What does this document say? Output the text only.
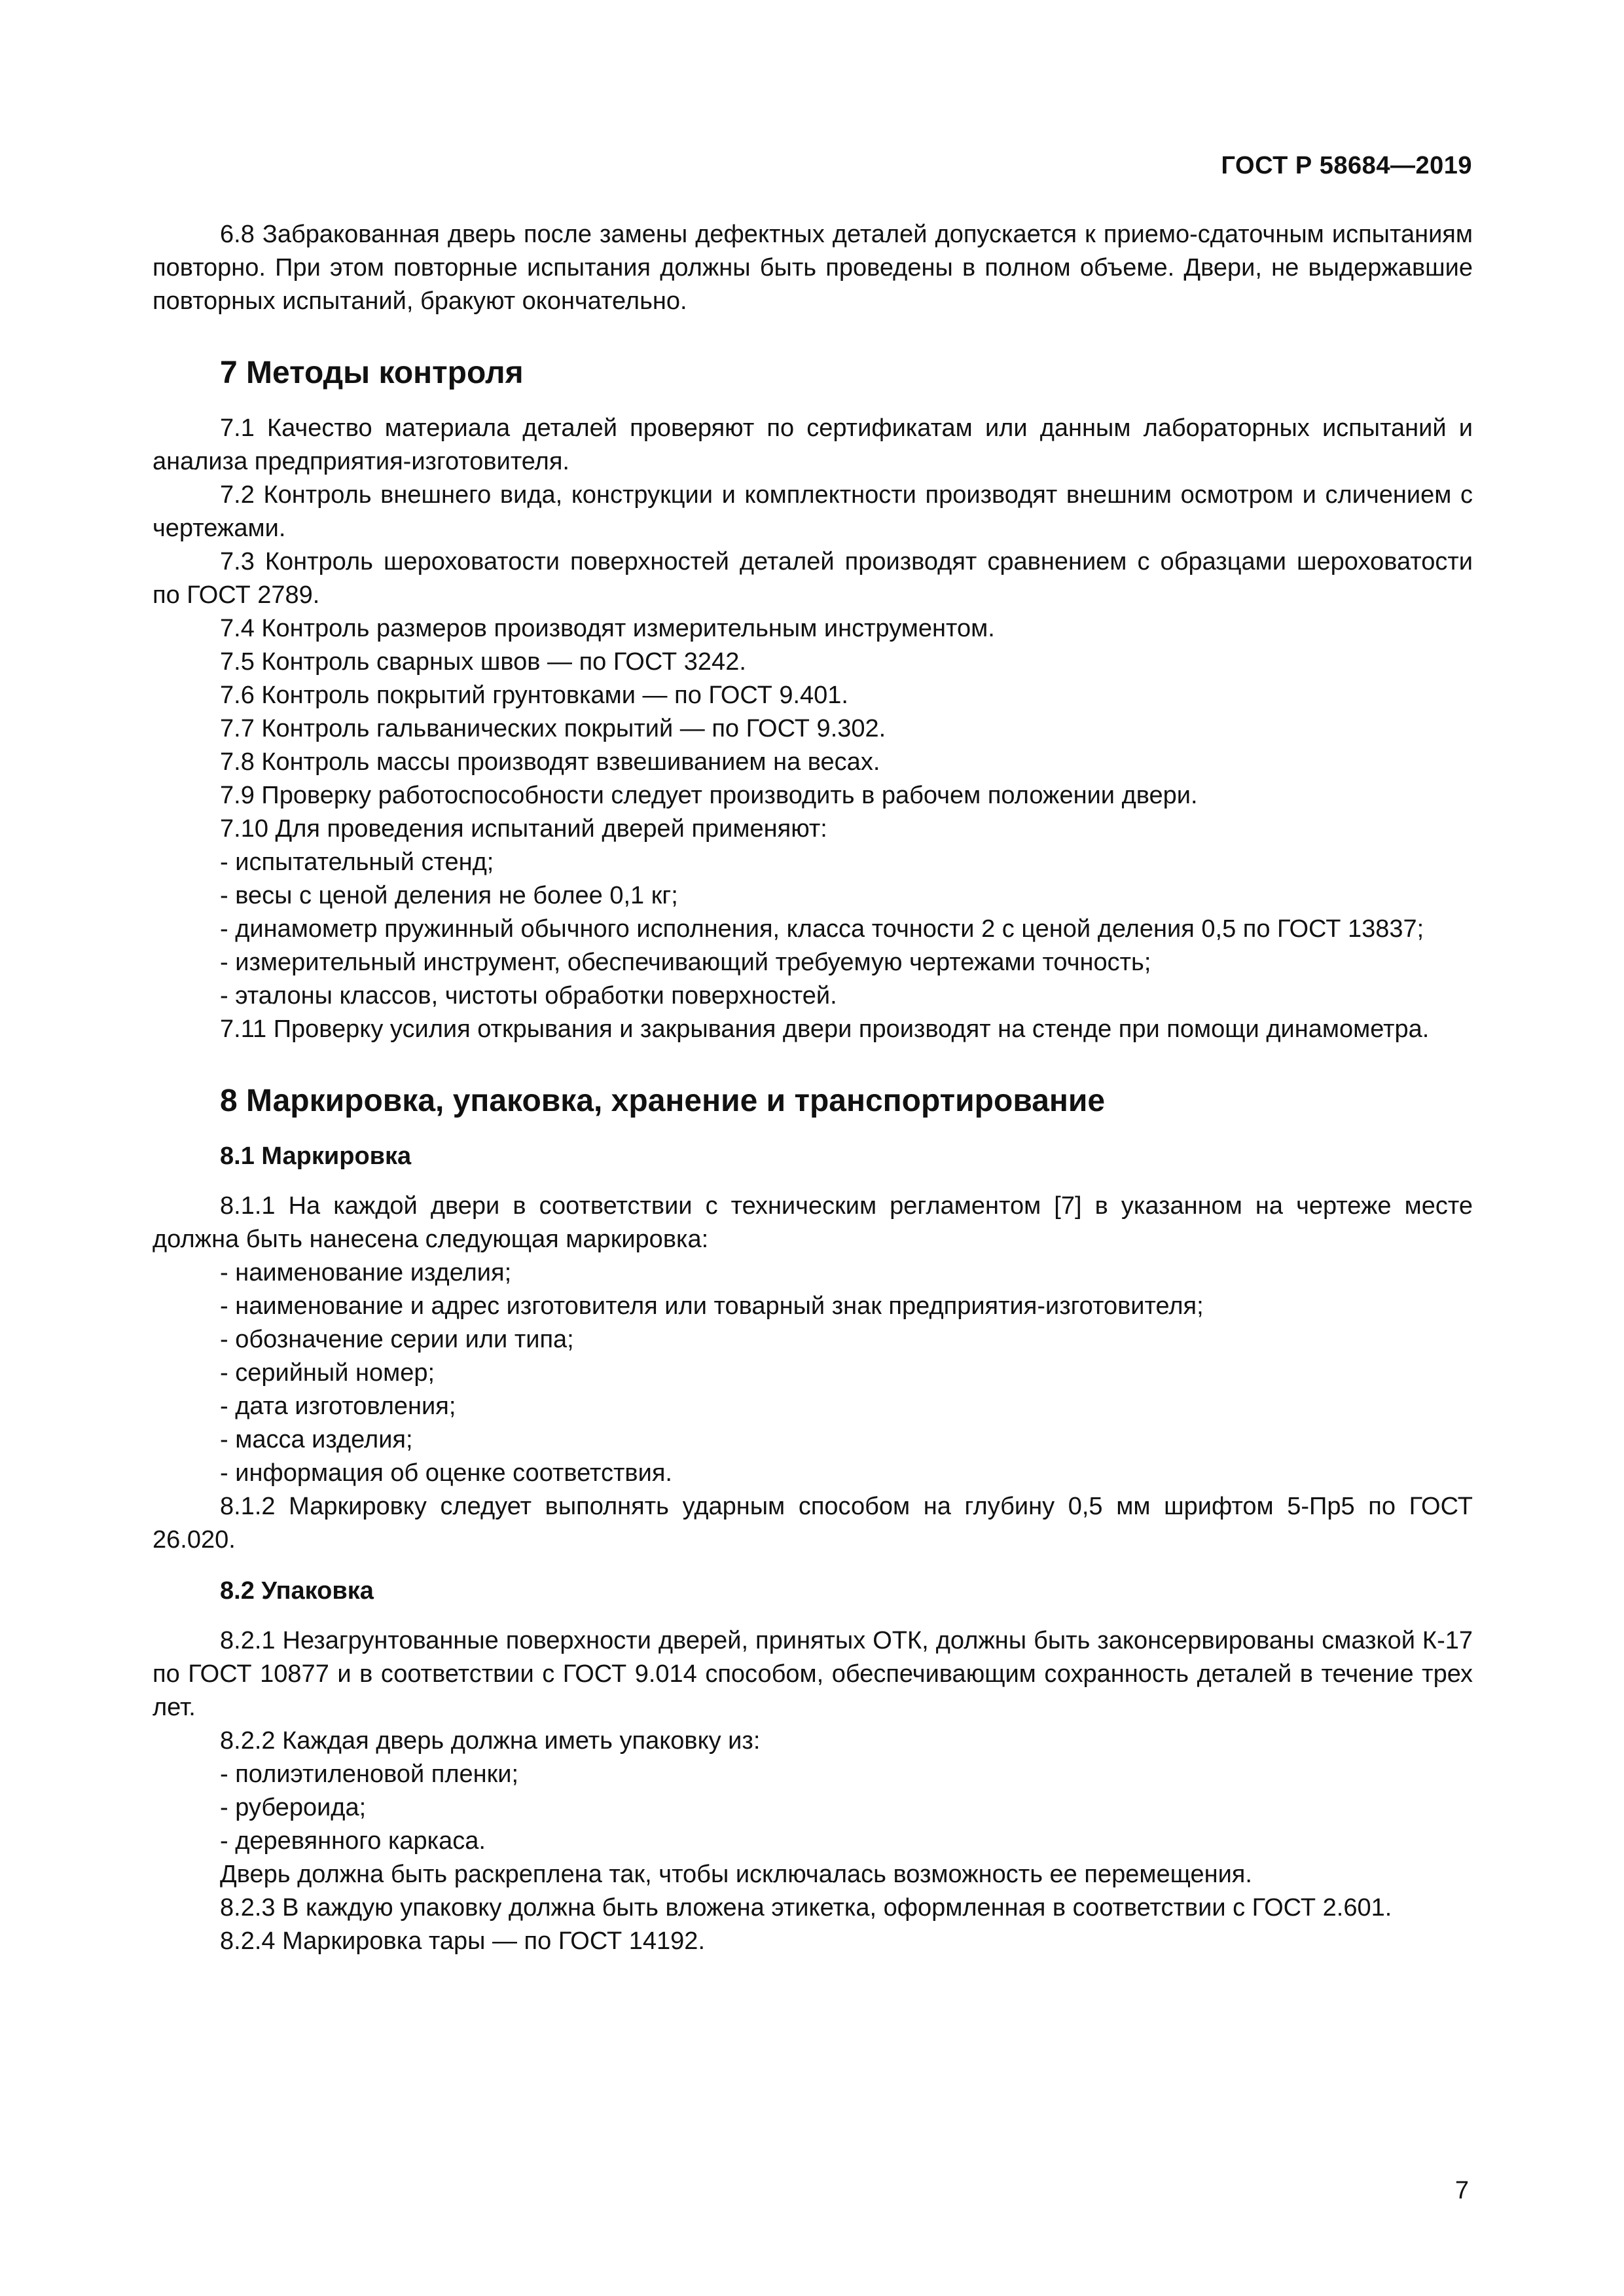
ГОСТ Р 58684—2019

6.8 Забракованная дверь после замены дефектных деталей допускается к приемо-сдаточным испытаниям повторно. При этом повторные испытания должны быть проведены в полном объеме. Двери, не выдержавшие повторных испытаний, бракуют окончательно.

7 Методы контроля

7.1 Качество материала деталей проверяют по сертификатам или данным лабораторных испытаний и анализа предприятия-изготовителя.

7.2 Контроль внешнего вида, конструкции и комплектности производят внешним осмотром и сличением с чертежами.

7.3 Контроль шероховатости поверхностей деталей производят сравнением с образцами шероховатости по ГОСТ 2789.

7.4 Контроль размеров производят измерительным инструментом.

7.5 Контроль сварных швов — по ГОСТ 3242.

7.6 Контроль покрытий грунтовками — по ГОСТ 9.401.

7.7 Контроль гальванических покрытий — по ГОСТ 9.302.

7.8 Контроль массы производят взвешиванием на весах.

7.9 Проверку работоспособности следует производить в рабочем положении двери.

7.10 Для проведения испытаний дверей применяют:

- испытательный стенд;

- весы с ценой деления не более 0,1 кг;

- динамометр пружинный обычного исполнения, класса точности 2 с ценой деления 0,5 по ГОСТ 13837;

- измерительный инструмент, обеспечивающий требуемую чертежами точность;

- эталоны классов, чистоты обработки поверхностей.

7.11 Проверку усилия открывания и закрывания двери производят на стенде при помощи динамометра.

8 Маркировка, упаковка, хранение и транспортирование
8.1 Маркировка

8.1.1 На каждой двери в соответствии с техническим регламентом [7] в указанном на чертеже месте должна быть нанесена следующая маркировка:

- наименование изделия;

- наименование и адрес изготовителя или товарный знак предприятия-изготовителя;

- обозначение серии или типа;

- серийный номер;

- дата изготовления;

- масса изделия;

- информация об оценке соответствия.

8.1.2 Маркировку следует выполнять ударным способом на глубину 0,5 мм шрифтом 5-Пр5 по ГОСТ 26.020.

8.2 Упаковка

8.2.1 Незагрунтованные поверхности дверей, принятых ОТК, должны быть законсервированы смазкой К-17 по ГОСТ 10877 и в соответствии с ГОСТ 9.014 способом, обеспечивающим сохранность деталей в течение трех лет.

8.2.2 Каждая дверь должна иметь упаковку из:

- полиэтиленовой пленки;

- рубероида;

- деревянного каркаса.

Дверь должна быть раскреплена так, чтобы исключалась возможность ее перемещения.

8.2.3 В каждую упаковку должна быть вложена этикетка, оформленная в соответствии с ГОСТ 2.601.

8.2.4 Маркировка тары — по ГОСТ 14192.

7
